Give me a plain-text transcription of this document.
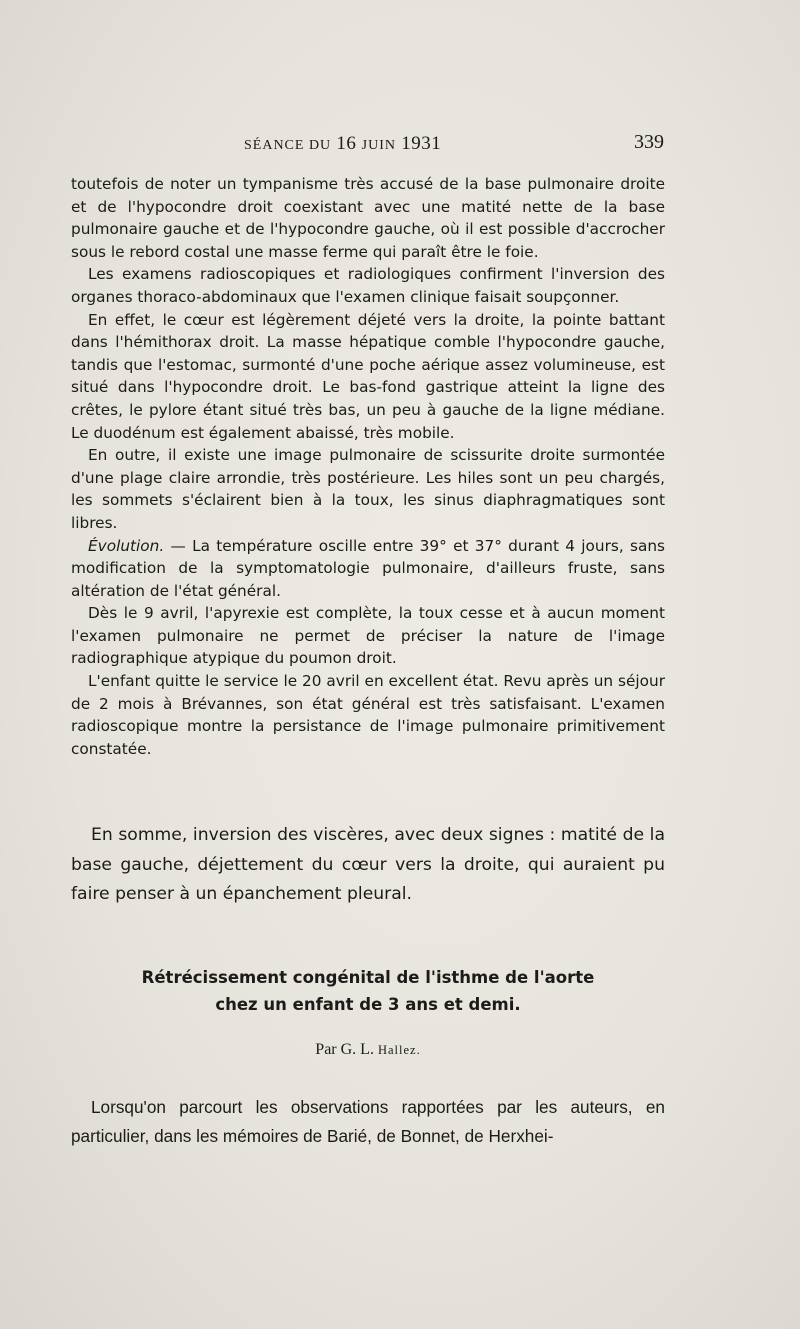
SÉANCE DU 16 JUIN 1931	339

toutefois de noter un tympanisme très accusé de la base pulmonaire droite et de l'hypocondre droit coexistant avec une matité nette de la base pulmonaire gauche et de l'hypocondre gauche, où il est possible d'accrocher sous le rebord costal une masse ferme qui paraît être le foie.

Les examens radioscopiques et radiologiques confirment l'inversion des organes thoraco-abdominaux que l'examen clinique faisait soupçonner.

En effet, le cœur est légèrement déjeté vers la droite, la pointe battant dans l'hémithorax droit. La masse hépatique comble l'hypocondre gauche, tandis que l'estomac, surmonté d'une poche aérique assez volumineuse, est situé dans l'hypocondre droit. Le bas-fond gastrique atteint la ligne des crêtes, le pylore étant situé très bas, un peu à gauche de la ligne médiane. Le duodénum est également abaissé, très mobile.

En outre, il existe une image pulmonaire de scissurite droite surmontée d'une plage claire arrondie, très postérieure. Les hiles sont un peu chargés, les sommets s'éclairent bien à la toux, les sinus diaphragmatiques sont libres.

Évolution. — La température oscille entre 39° et 37° durant 4 jours, sans modification de la symptomatologie pulmonaire, d'ailleurs fruste, sans altération de l'état général.

Dès le 9 avril, l'apyrexie est complète, la toux cesse et à aucun moment l'examen pulmonaire ne permet de préciser la nature de l'image radiographique atypique du poumon droit.

L'enfant quitte le service le 20 avril en excellent état. Revu après un séjour de 2 mois à Brévannes, son état général est très satisfaisant. L'examen radioscopique montre la persistance de l'image pulmonaire primitivement constatée.

En somme, inversion des viscères, avec deux signes : matité de la base gauche, déjettement du cœur vers la droite, qui auraient pu faire penser à un épanchement pleural.

Rétrécissement congénital de l'isthme de l'aorte
chez un enfant de 3 ans et demi.
Par G. L. Hallez.

Lorsqu'on parcourt les observations rapportées par les auteurs, en particulier, dans les mémoires de Barié, de Bonnet, de Herxhei-
